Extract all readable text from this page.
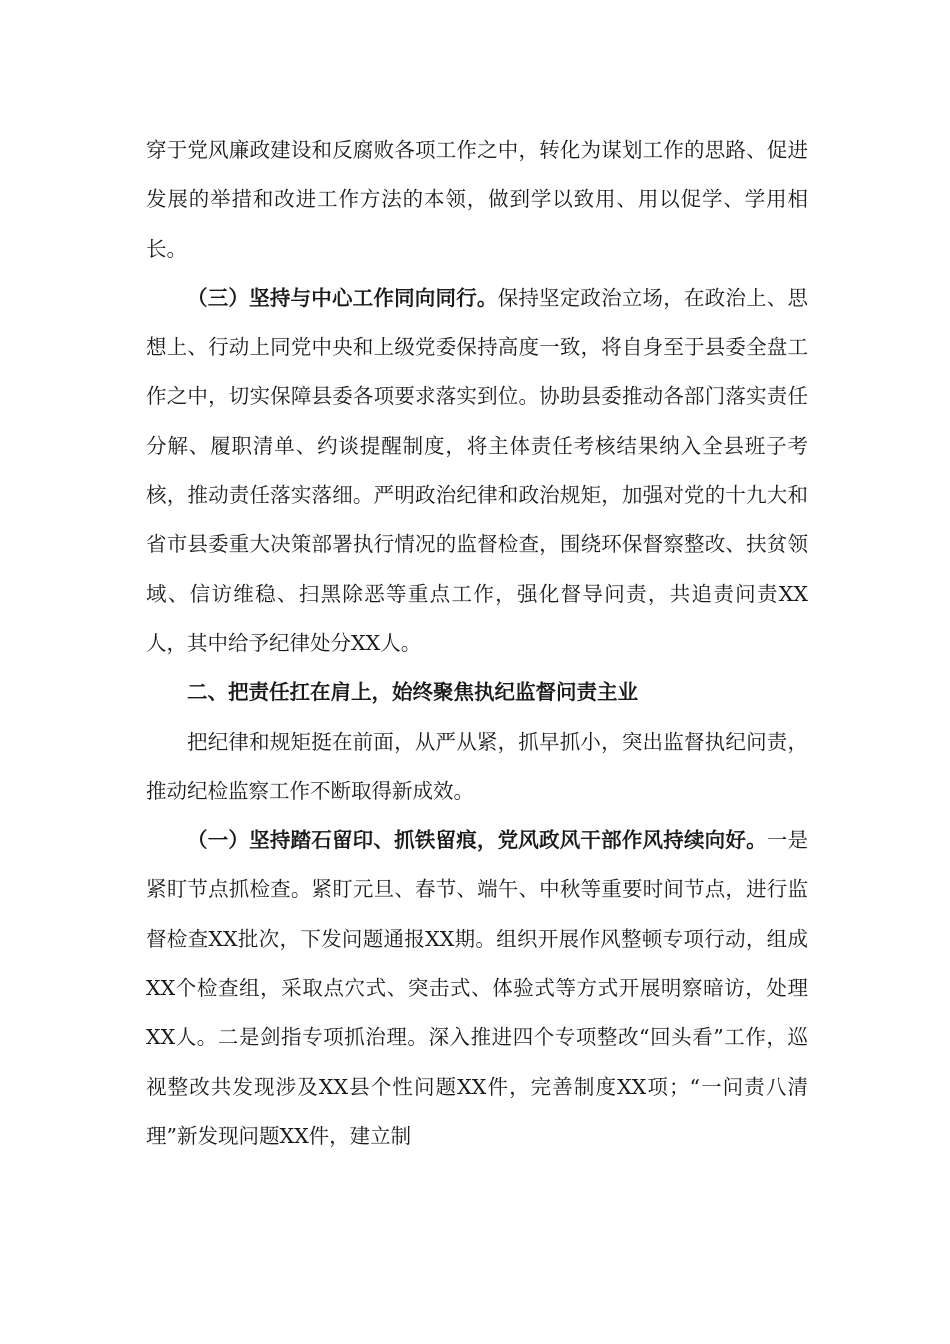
穿于党风廉政建设和反腐败各项工作之中，转化为谋划工作的思路、促进发展的举措和改进工作方法的本领，做到学以致用、用以促学、学用相长。

（三）坚持与中心工作同向同行。保持坚定政治立场，在政治上、思想上、行动上同党中央和上级党委保持高度一致，将自身至于县委全盘工作之中，切实保障县委各项要求落实到位。协助县委推动各部门落实责任分解、履职清单、约谈提醒制度，将主体责任考核结果纳入全县班子考核，推动责任落实落细。严明政治纪律和政治规矩，加强对党的十九大和省市县委重大决策部署执行情况的监督检查，围绕环保督察整改、扶贫领域、信访维稳、扫黑除恶等重点工作，强化督导问责，共追责问责XX人，其中给予纪律处分XX人。

二、把责任扛在肩上，始终聚焦执纪监督问责主业

把纪律和规矩挺在前面，从严从紧，抓早抓小，突出监督执纪问责，推动纪检监察工作不断取得新成效。

（一）坚持踏石留印、抓铁留痕，党风政风干部作风持续向好。一是紧盯节点抓检查。紧盯元旦、春节、端午、中秋等重要时间节点，进行监督检查XX批次，下发问题通报XX期。组织开展作风整顿专项行动，组成XX个检查组，采取点穴式、突击式、体验式等方式开展明察暗访，处理XX人。二是剑指专项抓治理。深入推进四个专项整改“回头看”工作，巡视整改共发现涉及XX县个性问题XX件，完善制度XX项；“一问责八清理”新发现问题XX件，建立制
